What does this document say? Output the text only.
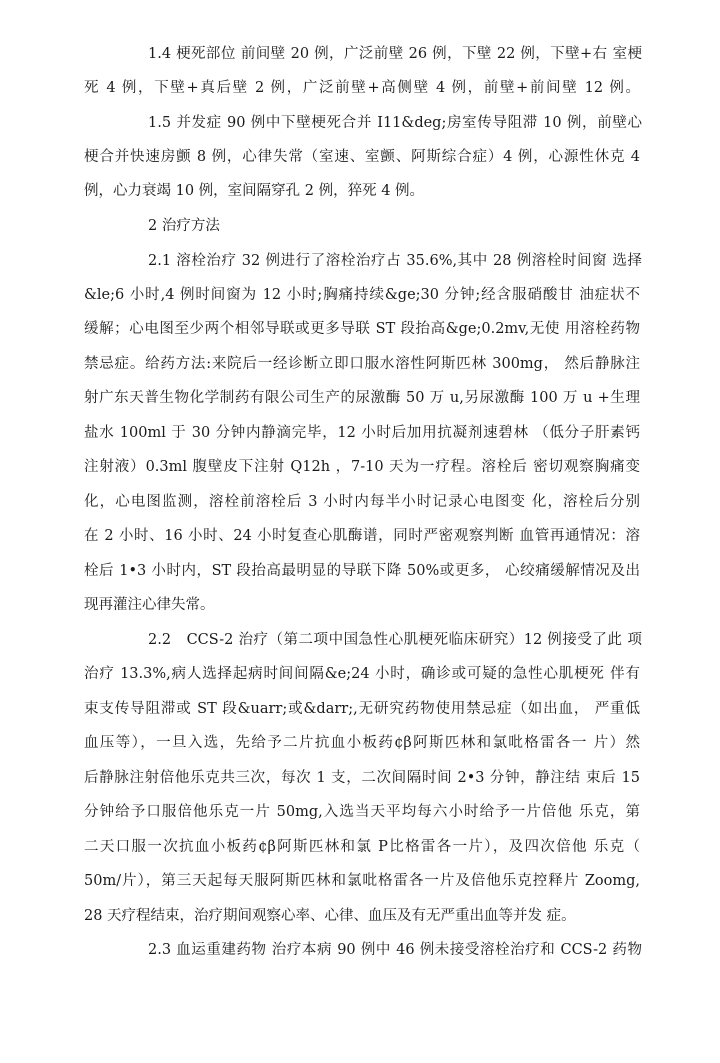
1.4 梗死部位 前间壁 20 例，广泛前壁 26 例，下壁 22 例，下壁+右 室梗
死 4 例，下壁+真后壁 2 例，广泛前壁+高侧壁 4 例，前壁+前间壁 12 例。
1.5 并发症 90 例中下壁梗死合并 I11&deg;房室传导阻滞 10 例，前壁心
梗合并快速房颤 8 例，心律失常（室速、室颤、阿斯综合症）4 例，心源性休克 4
例，心力衰竭 10 例，室间隔穿孔 2 例，猝死 4 例。
2 治疗方法
2.1 溶栓治疗 32 例进行了溶栓治疗占 35.6%,其中 28 例溶栓时间窗 选择
&le;6 小时,4 例时间窗为 12 小时;胸痛持续&ge;30 分钟;经含服硝酸甘 油症状不
缓解；心电图至少两个相邻导联或更多导联 ST 段抬高&ge;0.2mv,无使 用溶栓药物
禁忌症。给药方法:来院后一经诊断立即口服水溶性阿斯匹林 300mg， 然后静脉注
射广东天普生物化学制药有限公司生产的尿激酶 50 万 u,另尿激酶 100 万 u +生理
盐水 100ml 于 30 分钟内静滴完毕，12 小时后加用抗凝剂速碧林 （低分子肝素钙
注射液）0.3ml 腹壁皮下注射 Q12h ，7-10 天为一疗程。溶栓后 密切观察胸痛变
化，心电图监测，溶栓前溶栓后 3 小时内每半小时记录心电图变 化，溶栓后分别
在 2 小时、16 小时、24 小时复查心肌酶谱，同时严密观察判断 血管再通情况：溶
栓后 1•3 小时内，ST 段抬高最明显的导联下降 50%或更多， 心绞痛缓解情况及出
现再灌注心律失常。
2.2　CCS-2 治疗（第二项中国急性心肌梗死临床研究）12 例接受了此 项
治疗 13.3%,病人选择起病时间间隔&e;24 小时，确诊或可疑的急性心肌梗死 伴有
束支传导阻滞或 ST 段&uarr;或&darr;,无研究药物使用禁忌症（如出血， 严重低
血压等），一旦入选，先给予二片抗血小板药¢β阿斯匹林和氯吡格雷各一 片）然
后静脉注射倍他乐克共三次，每次 1 支，二次间隔时间 2•3 分钟，静注结 束后 15
分钟给予口服倍他乐克一片 50mg,入选当天平均每六小时给予一片倍他 乐克，第
二天口服一次抗血小板药¢β阿斯匹林和氯 Ρ比格雷各一片），及四次倍他 乐克（
50m/片），第三天起每天服阿斯匹林和氯吡格雷各一片及倍他乐克控释片 Zoomg,
28 天疗程结束，治疗期间观察心率、心律、血压及有无严重出血等并发 症。
2.3 血运重建药物 治疗本病 90 例中 46 例未接受溶栓治疗和 CCS-2 药物
